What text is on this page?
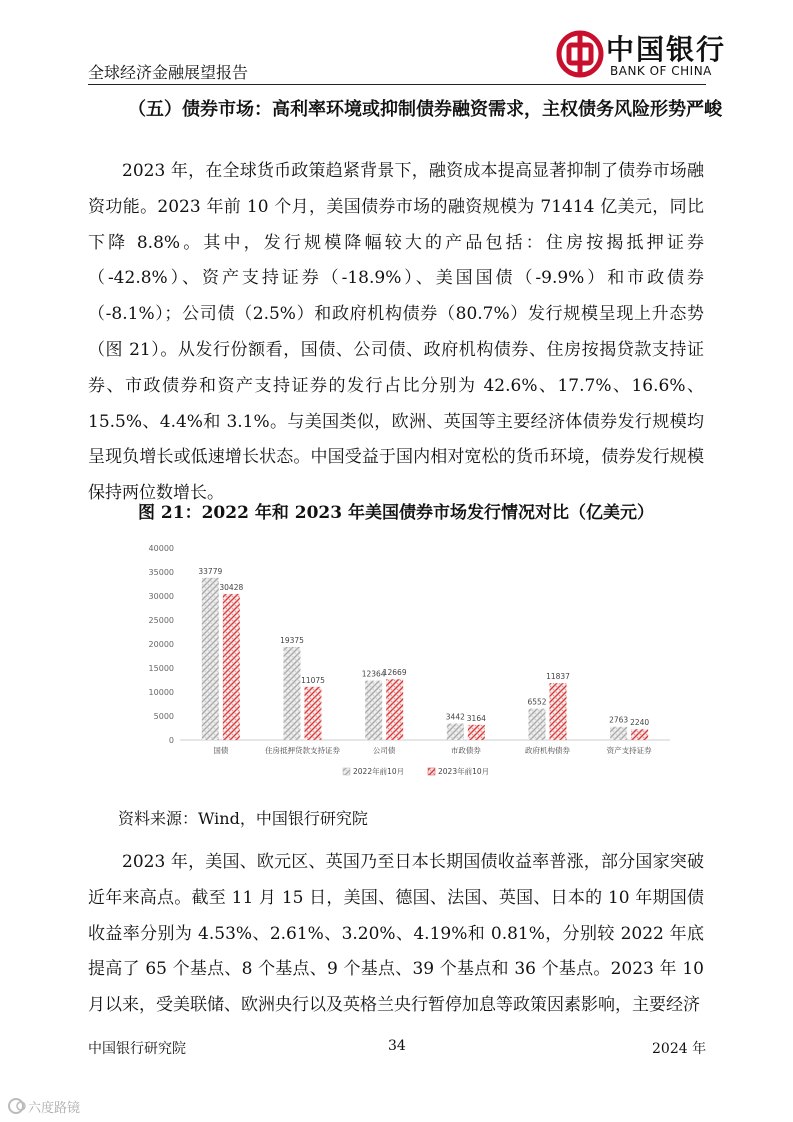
全球经济金融展望报告
中国银行
BANK OF CHINA
（五）债券市场：高利率环境或抑制债券融资需求，主权债务风险形势严峻
2023 年，在全球货币政策趋紧背景下，融资成本提高显著抑制了债券市场融资功能。2023 年前 10 个月，美国债券市场的融资规模为 71414 亿美元，同比下降 8.8%。其中，发行规模降幅较大的产品包括：住房按揭抵押证券（-42.8%）、资产支持证券（-18.9%）、美国国债（-9.9%）和市政债券（-8.1%）；公司债（2.5%）和政府机构债券（80.7%）发行规模呈现上升态势（图 21）。从发行份额看，国债、公司债、政府机构债券、住房按揭贷款支持证券、市政债券和资产支持证券的发行占比分别为 42.6%、17.7%、16.6%、15.5%、4.4%和 3.1%。与美国类似，欧洲、英国等主要经济体债券发行规模均呈现负增长或低速增长状态。中国受益于国内相对宽松的货币环境，债券发行规模保持两位数增长。
图 21：2022 年和 2023 年美国债券市场发行情况对比（亿美元）
0
5000
10000
15000
20000
25000
30000
35000
40000
33779
30428
国债
19375
11075
住房抵押贷款支持证券
12364
12669
公司债
3442 3164
市政债券
6552
11837
政府机构债券
2763 2240
资产支持证券
2022年前10月	2023年前10月
资料来源：Wind，中国银行研究院
2023 年，美国、欧元区、英国乃至日本长期国债收益率普涨，部分国家突破近年来高点。截至 11 月 15 日，美国、德国、法国、英国、日本的 10 年期国债收益率分别为 4.53%、2.61%、3.20%、4.19%和 0.81%，分别较 2022 年底提高了 65 个基点、8 个基点、9 个基点、39 个基点和 36 个基点。2023 年 10 月以来，受美联储、欧洲央行以及英格兰央行暂停加息等政策因素影响，主要经济
中国银行研究院	34	2024 年
六度路镜
